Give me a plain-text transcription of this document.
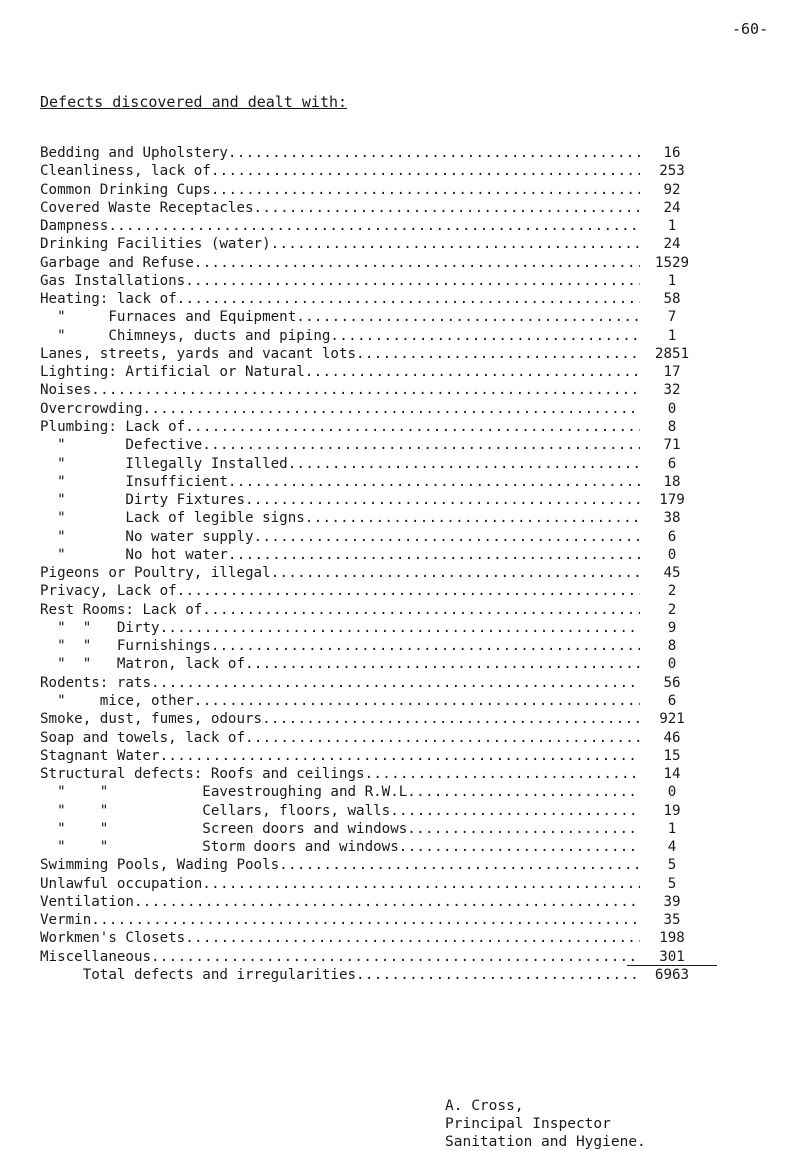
-60-
Defects discovered and dealt with:
Bedding and Upholstery .....	16
Cleanliness, lack of .....	253
Common Drinking Cups .....	92
Covered Waste Receptacles .....	24
Dampness .....	1
Drinking Facilities (water) .....	24
Garbage and Refuse .....	1529
Gas Installations .....	1
Heating: lack of .....	58
"     Furnaces and Equipment .....	7
"     Chimneys, ducts and piping .....	1
Lanes, streets, yards and vacant lots .....	2851
Lighting: Artificial or Natural .....	17
Noises .....	32
Overcrowding .....	0
Plumbing: Lack of .....	8
"       Defective .....	71
"       Illegally Installed .....	6
"       Insufficient .....	18
"       Dirty Fixtures .....	179
"       Lack of legible signs .....	38
"       No water supply .....	6
"       No hot water .....	0
Pigeons or Poultry, illegal .....	45
Privacy, Lack of .....	2
Rest Rooms: Lack of .....	2
"  "   Dirty .....	9
"  "   Furnishings .....	8
"  "   Matron, lack of .....	0
Rodents: rats .....	56
"    mice, other .....	6
Smoke, dust, fumes, odours .....	921
Soap and towels, lack of .....	46
Stagnant Water .....	15
Structural defects: Roofs and ceilings .....	14
"    "           Eavestroughing and R.W.L .....	0
"    "           Cellars, floors, walls .....	19
"    "           Screen doors and windows .....	1
"    "           Storm doors and windows .....	4
Swimming Pools, Wading Pools .....	5
Unlawful occupation .....	5
Ventilation .....	39
Vermin .....	35
Workmen's Closets .....	198
Miscellaneous .....	301
Total defects and irregularities .....	6963
A. Cross,
Principal Inspector
Sanitation and Hygiene.
